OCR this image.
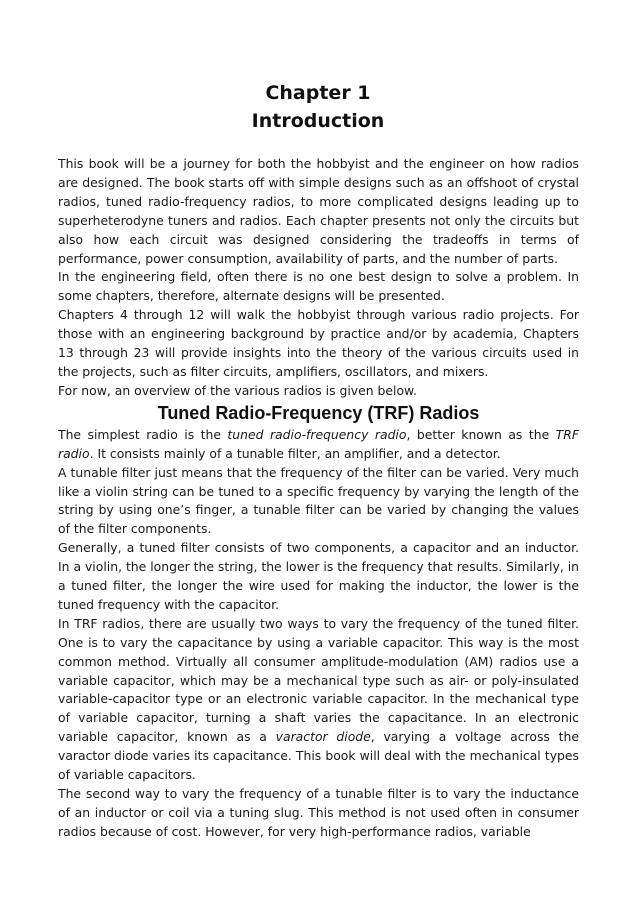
Chapter 1
Introduction

This book will be a journey for both the hobbyist and the engineer on how radios are designed. The book starts off with simple designs such as an offshoot of crystal radios, tuned radio-frequency radios, to more complicated designs leading up to superheterodyne tuners and radios. Each chapter presents not only the circuits but also how each circuit was designed considering the tradeoffs in terms of performance, power consumption, availability of parts, and the number of parts.

In the engineering field, often there is no one best design to solve a problem. In some chapters, therefore, alternate designs will be presented.

Chapters 4 through 12 will walk the hobbyist through various radio projects. For those with an engineering background by practice and/or by academia, Chapters 13 through 23 will provide insights into the theory of the various circuits used in the projects, such as filter circuits, amplifiers, oscillators, and mixers.

For now, an overview of the various radios is given below.

Tuned Radio-Frequency (TRF) Radios

The simplest radio is the tuned radio-frequency radio, better known as the TRF radio. It consists mainly of a tunable filter, an amplifier, and a detector.

A tunable filter just means that the frequency of the filter can be varied. Very much like a violin string can be tuned to a specific frequency by varying the length of the string by using one’s finger, a tunable filter can be varied by changing the values of the filter components.

Generally, a tuned filter consists of two components, a capacitor and an inductor. In a violin, the longer the string, the lower is the frequency that results. Similarly, in a tuned filter, the longer the wire used for making the inductor, the lower is the tuned frequency with the capacitor.

In TRF radios, there are usually two ways to vary the frequency of the tuned filter. One is to vary the capacitance by using a variable capacitor. This way is the most common method. Virtually all consumer amplitude-modulation (AM) radios use a variable capacitor, which may be a mechanical type such as air- or poly-insulated variable-capacitor type or an electronic variable capacitor. In the mechanical type of variable capacitor, turning a shaft varies the capacitance. In an electronic variable capacitor, known as a varactor diode, varying a voltage across the varactor diode varies its capacitance. This book will deal with the mechanical types of variable capacitors.

The second way to vary the frequency of a tunable filter is to vary the inductance of an inductor or coil via a tuning slug. This method is not used often in consumer radios because of cost. However, for very high-performance radios, variable
